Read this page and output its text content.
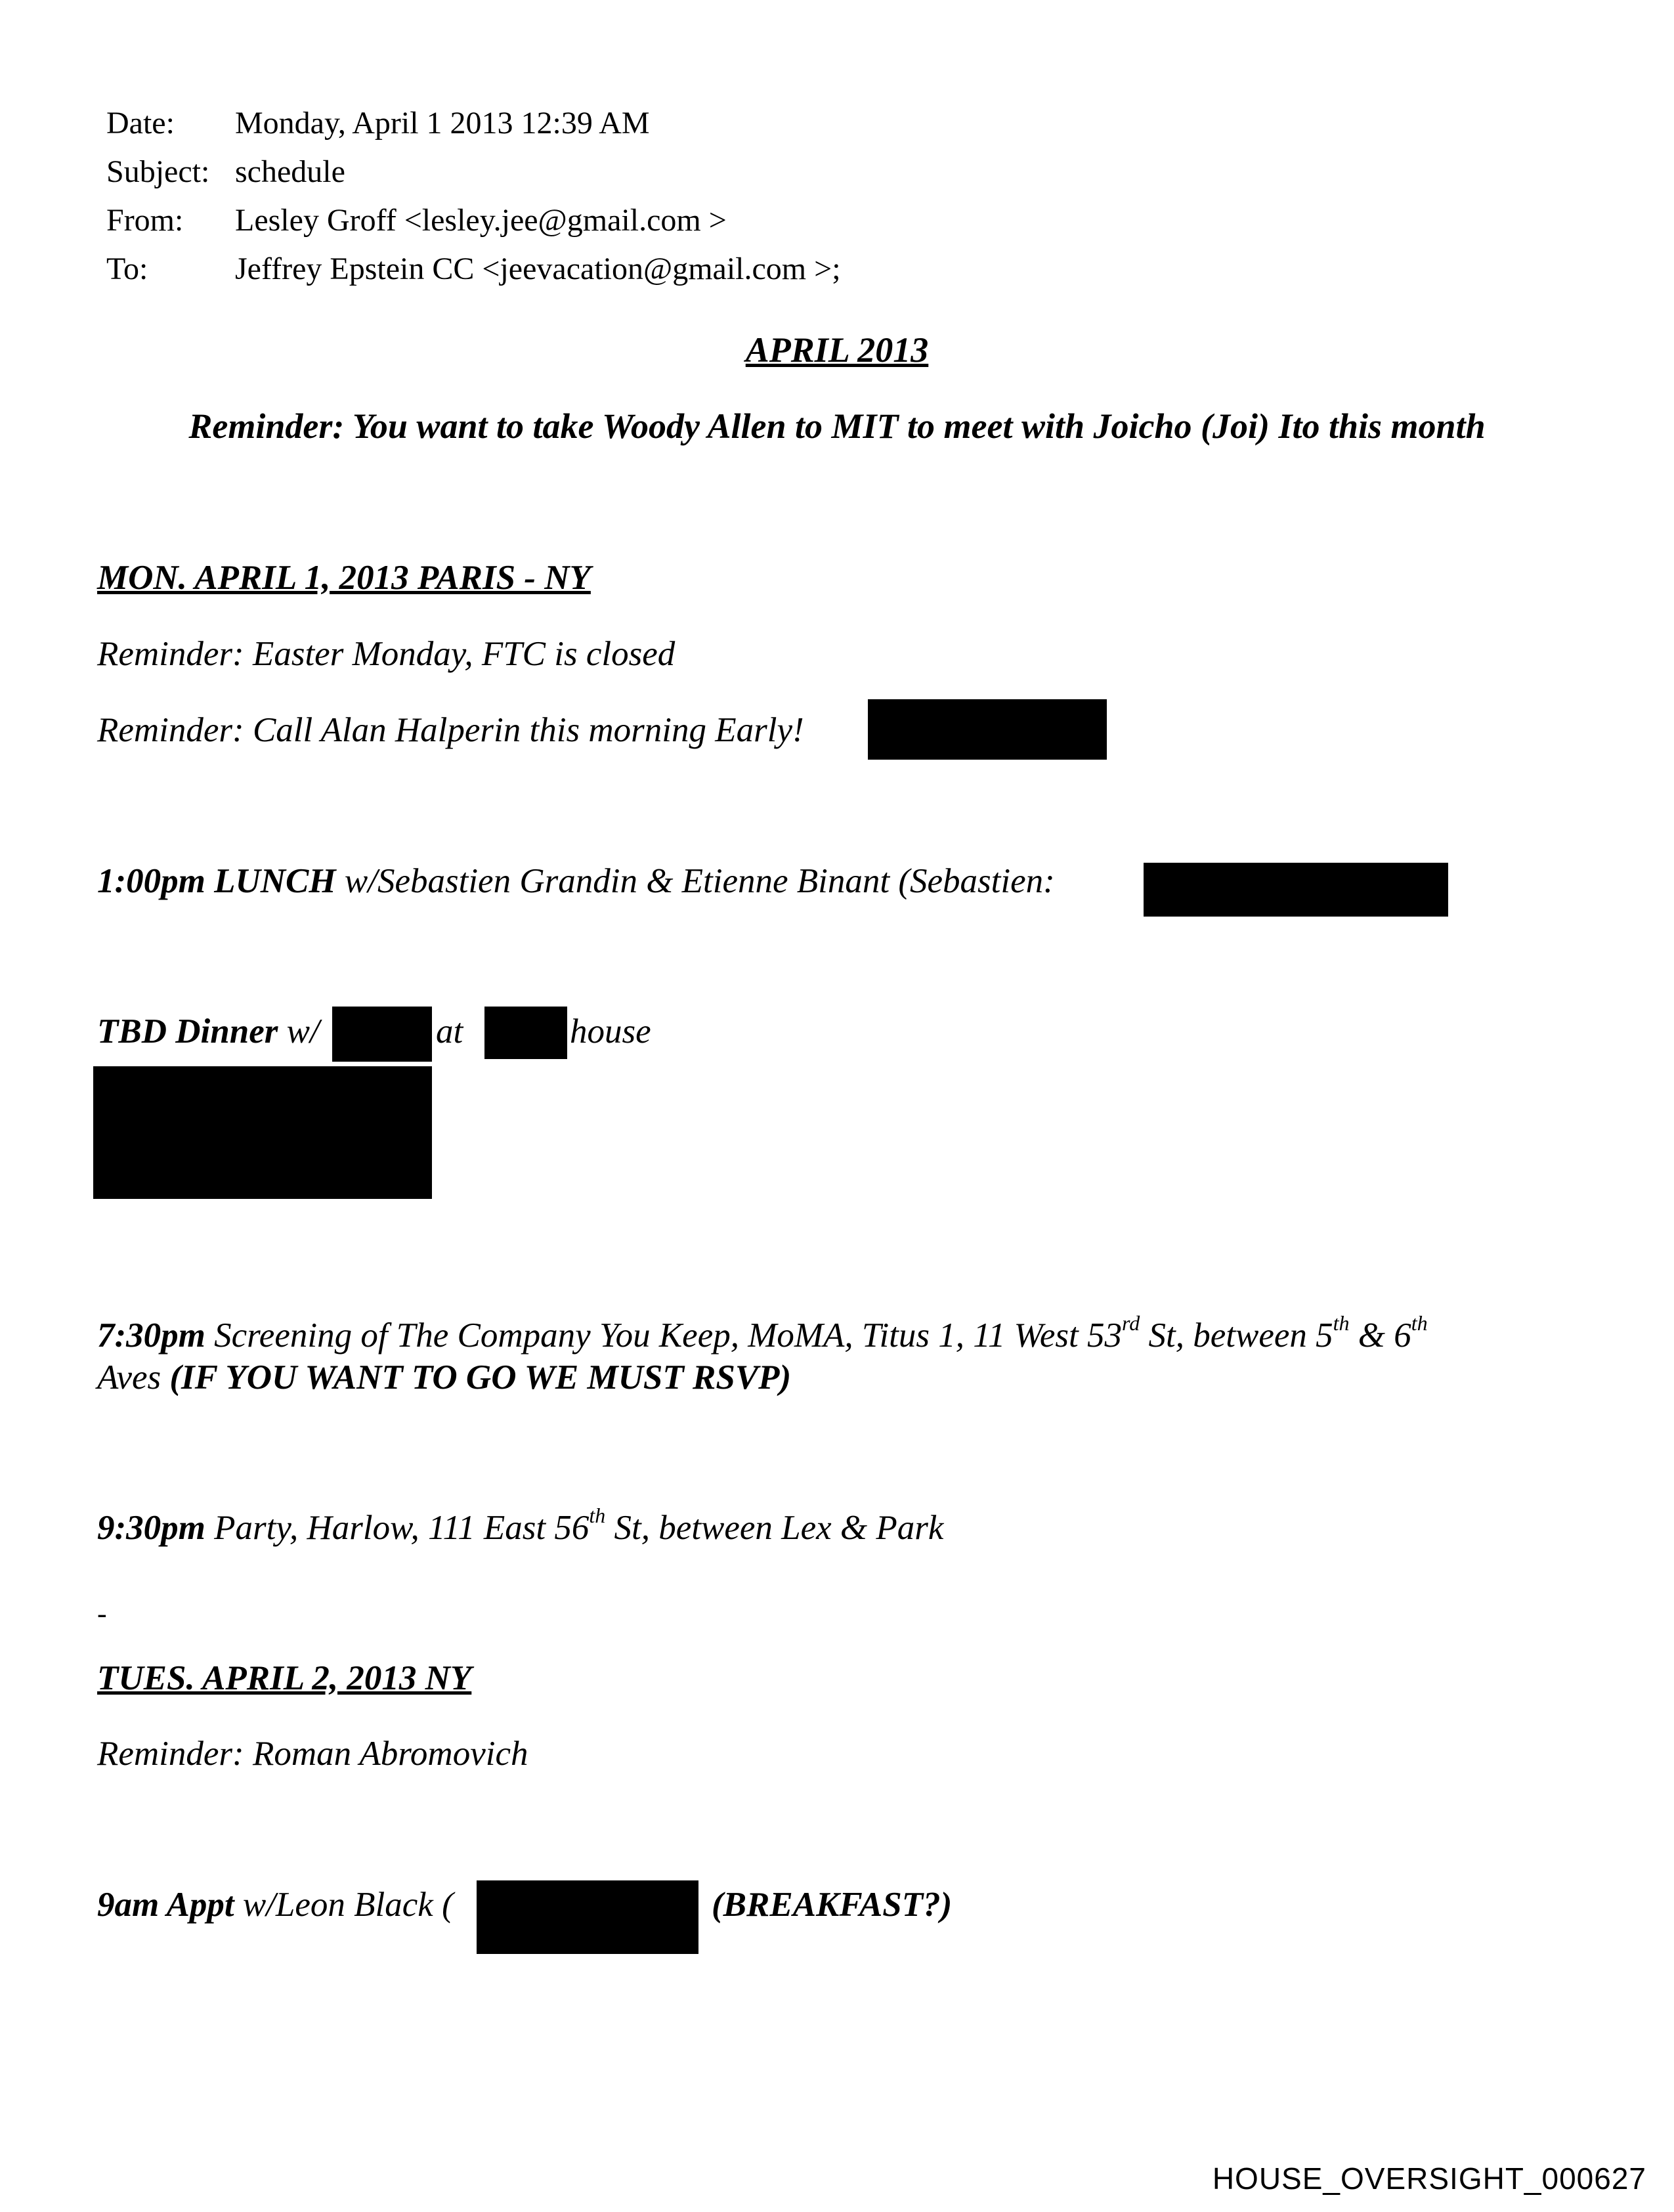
Date: Monday, April 1 2013 12:39 AM
Subject: schedule
From: Lesley Groff <lesley.jee@gmail.com >
To:	Jeffrey Epstein CC <jeevacation@gmail.com >;
APRIL 2013
Reminder: You want to take Woody Allen to MIT to meet with Joicho (Joi) Ito this month
MON. APRIL 1, 2013 PARIS - NY
Reminder: Easter Monday, FTC is closed
Reminder: Call Alan Halperin this morning Early!
1:00pm LUNCH w/Sebastien Grandin & Etienne Binant (Sebastien:
TBD Dinner w/	at	house
7:30pm Screening of The Company You Keep, MoMA, Titus 1, 11 West 53rd St, between 5th & 6th
Aves (IF YOU WANT TO GO WE MUST RSVP)
9:30pm Party, Harlow, 111 East 56th St, between Lex & Park
-
TUES. APRIL 2, 2013 NY
Reminder: Roman Abromovich
9am Appt w/Leon Black (	(BREAKFAST?)
HOUSE_OVERSIGHT_000627
